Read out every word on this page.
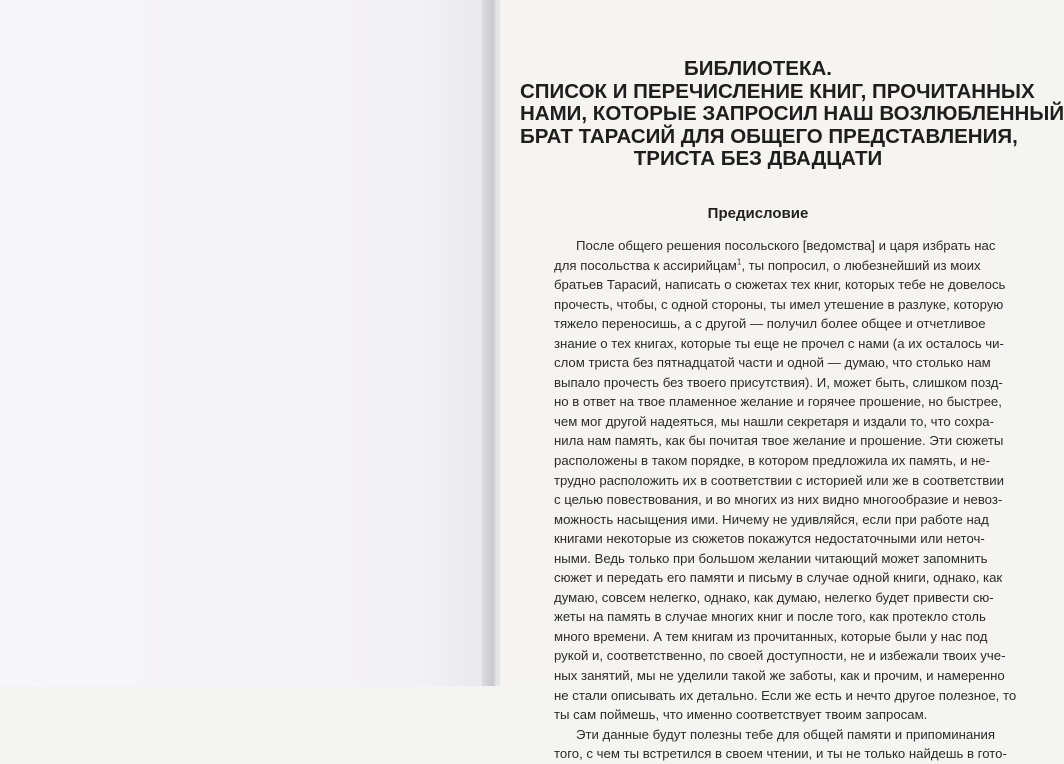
БИБЛИОТЕКА.
СПИСОК И ПЕРЕЧИСЛЕНИЕ КНИГ, ПРОЧИТАННЫХ
НАМИ, КОТОРЫЕ ЗАПРОСИЛ НАШ ВОЗЛЮБЛЕННЫЙ
БРАТ ТАРАСИЙ ДЛЯ ОБЩЕГО ПРЕДСТАВЛЕНИЯ,
ТРИСТА БЕЗ ДВАДЦАТИ
Предисловие
После общего решения посольского [ведомства] и царя избрать нас
для посольства к ассирийцам$^1$, ты попросил, о любезнейший из моих
братьев Тарасий, написать о сюжетах тех книг, которых тебе не довелось
прочесть, чтобы, с одной стороны, ты имел утешение в разлуке, которую
тяжело переносишь, а с другой — получил более общее и отчетливое
знание о тех книгах, которые ты еще не прочел с нами (а их осталось чи-
слом триста без пятнадцатой части и одной — думаю, что столько нам
выпало прочесть без твоего присутствия). И, может быть, слишком позд-
но в ответ на твое пламенное желание и горячее прошение, но быстрее,
чем мог другой надеяться, мы нашли секретаря и издали то, что сохра-
нила нам память, как бы почитая твое желание и прошение. Эти сюжеты
расположены в таком порядке, в котором предложила их память, и не-
трудно расположить их в соответствии с историей или же в соответствии
с целью повествования, и во многих из них видно многообразие и невоз-
можность насыщения ими. Ничему не удивляйся, если при работе над
книгами некоторые из сюжетов покажутся недостаточными или неточ-
ными. Ведь только при большом желании читающий может запомнить
сюжет и передать его памяти и письму в случае одной книги, однако, как
думаю, совсем нелегко, однако, как думаю, нелегко будет привести сю-
жеты на память в случае многих книг и после того, как протекло столь
много времени. А тем книгам из прочитанных, которые были у нас под
рукой и, соответственно, по своей доступности, не и избежали твоих уче-
ных занятий, мы не уделили такой же заботы, как и прочим, и намеренно
не стали описывать их детально. Если же есть и нечто другое полезное, то
ты сам поймешь, что именно соответствует твоим запросам.
Эти данные будут полезны тебе для общей памяти и припоминания
того, с чем ты встретился в своем чтении, и ты не только найдешь в гото-
